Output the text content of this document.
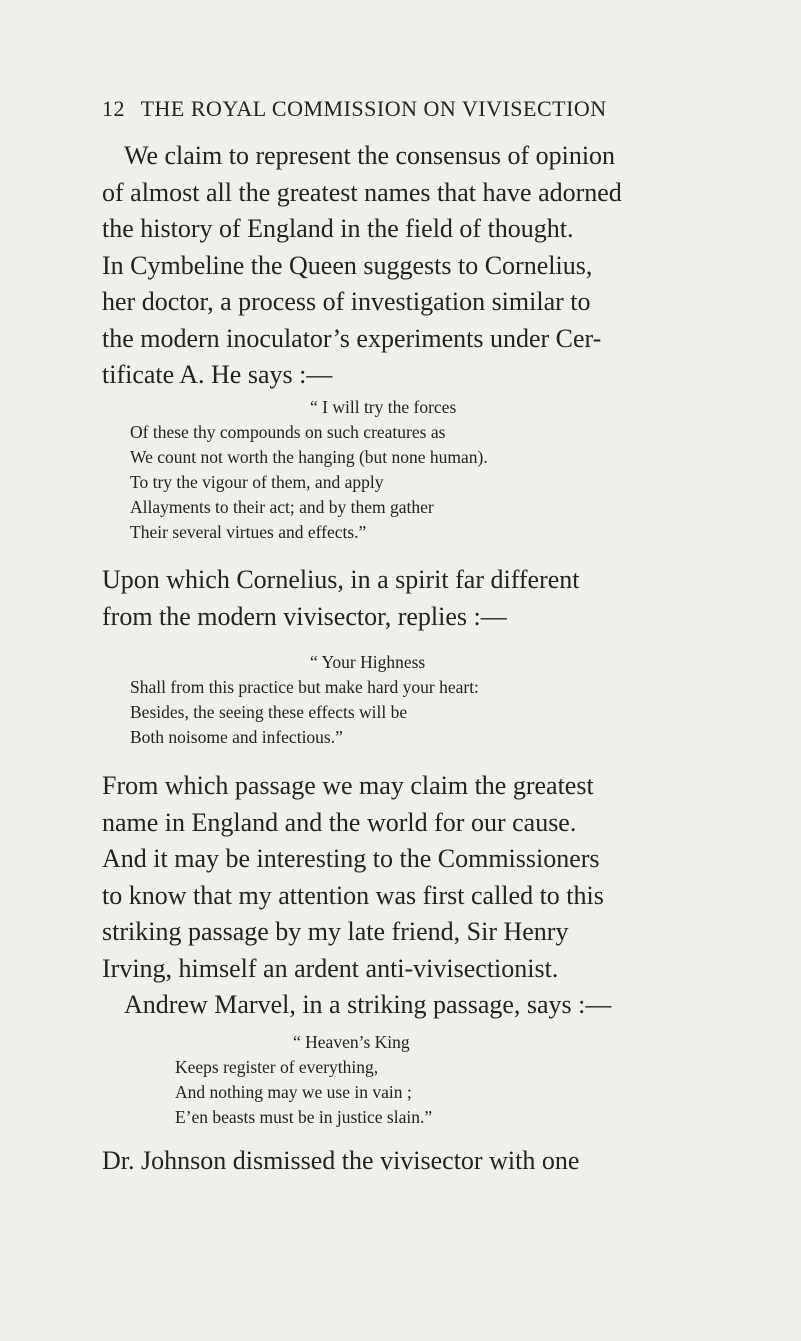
12 THE ROYAL COMMISSION ON VIVISECTION
We claim to represent the consensus of opinion
of almost all the greatest names that have adorned
the history of England in the field of thought.
In Cymbeline the Queen suggests to Cornelius,
her doctor, a process of investigation similar to
the modern inoculator’s experiments under Cer-
tificate A. He says :—
“ I will try the forces
Of these thy compounds on such creatures as
We count not worth the hanging (but none human).
To try the vigour of them, and apply
Allayments to their act; and by them gather
Their several virtues and effects.”
Upon which Cornelius, in a spirit far different
from the modern vivisector, replies :—
“ Your Highness
Shall from this practice but make hard your heart:
Besides, the seeing these effects will be
Both noisome and infectious.”
From which passage we may claim the greatest
name in England and the world for our cause.
And it may be interesting to the Commissioners
to know that my attention was first called to this
striking passage by my late friend, Sir Henry
Irving, himself an ardent anti-vivisectionist.
Andrew Marvel, in a striking passage, says :—
“ Heaven’s King
Keeps register of everything,
And nothing may we use in vain ;
E’en beasts must be in justice slain.”
Dr. Johnson dismissed the vivisector with one
